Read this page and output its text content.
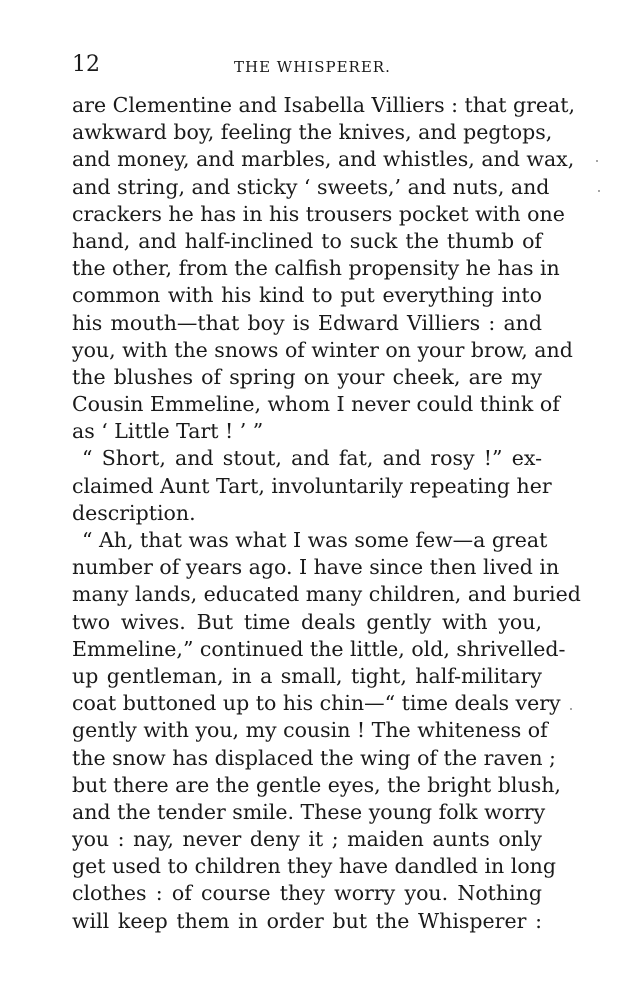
12	THE WHISPERER.
are Clementine and Isabella Villiers : that great,
awkward boy, feeling the knives, and pegtops,
and money, and marbles, and whistles, and wax,
and string, and sticky ‘ sweets,’ and nuts, and
crackers he has in his trousers pocket with one
hand, and half-inclined to suck the thumb of
the other, from the calfish propensity he has in
common with his kind to put everything into
his mouth—that boy is Edward Villiers : and
you, with the snows of winter on your brow, and
the blushes of spring on your cheek, are my
Cousin Emmeline, whom I never could think of
as ‘ Little Tart ! ’ ”
“ Short, and stout, and fat, and rosy !” ex-
claimed Aunt Tart, involuntarily repeating her
description.
“ Ah, that was what I was some few—a great
number of years ago. I have since then lived in
many lands, educated many children, and buried
two wives. But time deals gently with you,
Emmeline,” continued the little, old, shrivelled-
up gentleman, in a small, tight, half-military
coat buttoned up to his chin—“ time deals very
gently with you, my cousin ! The whiteness of
the snow has displaced the wing of the raven ;
but there are the gentle eyes, the bright blush,
and the tender smile. These young folk worry
you : nay, never deny it ; maiden aunts only
get used to children they have dandled in long
clothes : of course they worry you. Nothing
will keep them in order but the Whisperer :
